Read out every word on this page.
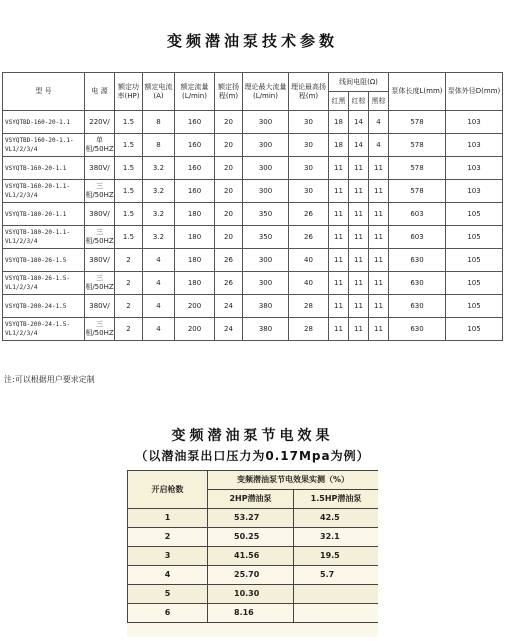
变频潜油泵技术参数
型 号	电 源	额定功率(HP)	额定电流(A)	额定流量(L/min)	额定扬程(m)	理论最大流量(L/min)	理论最高扬程(m)	线间电阻(Ω)			泵体长度L(mm)	泵体外径D(mm)
								红黑	红棕	黑棕		
VSYQTBD-160-20-1.1	220V/	1.5	8	160	20	300	30	18	14	4	578	103
VSYQTBD-160-20-1.1-VL1/2/3/4	单相/50HZ	1.5	8	160	20	300	30	18	14	4	578	103
VSYQTB-160-20-1.1	380V/	1.5	3.2	160	20	300	30	11	11	11	578	103
VSYQTB-160-20-1.1-VL1/2/3/4	三相/50HZ	1.5	3.2	160	20	300	30	11	11	11	578	103
VSYQTB-180-20-1.1	380V/	1.5	3.2	180	20	350	26	11	11	11	603	105
VSYQTB-180-20-1.1-VL1/2/3/4	三相/50HZ	1.5	3.2	180	20	350	26	11	11	11	603	105
VSYQTB-180-26-1.5	380V/	2	4	180	26	300	40	11	11	11	630	105
VSYQTB-180-26-1.5-VL1/2/3/4	三相/50HZ	2	4	180	26	300	40	11	11	11	630	105
VSYQTB-200-24-1.5	380V/	2	4	200	24	380	28	11	11	11	630	105
VSYQTB-200-24-1.5-VL1/2/3/4	三相/50HZ	2	4	200	24	380	28	11	11	11	630	105
注:可以根据用户要求定制
变频潜油泵节电效果
（以潜油泵出口压力为0.17Mpa为例）
开启枪数	变频潜油泵节电效果实测（%）	
	2HP潜油泵	1.5HP潜油泵
1	53.27	42.5
2	50.25	32.1
3	41.56	19.5
4	25.70	5.7
5	10.30	
6	8.16	
